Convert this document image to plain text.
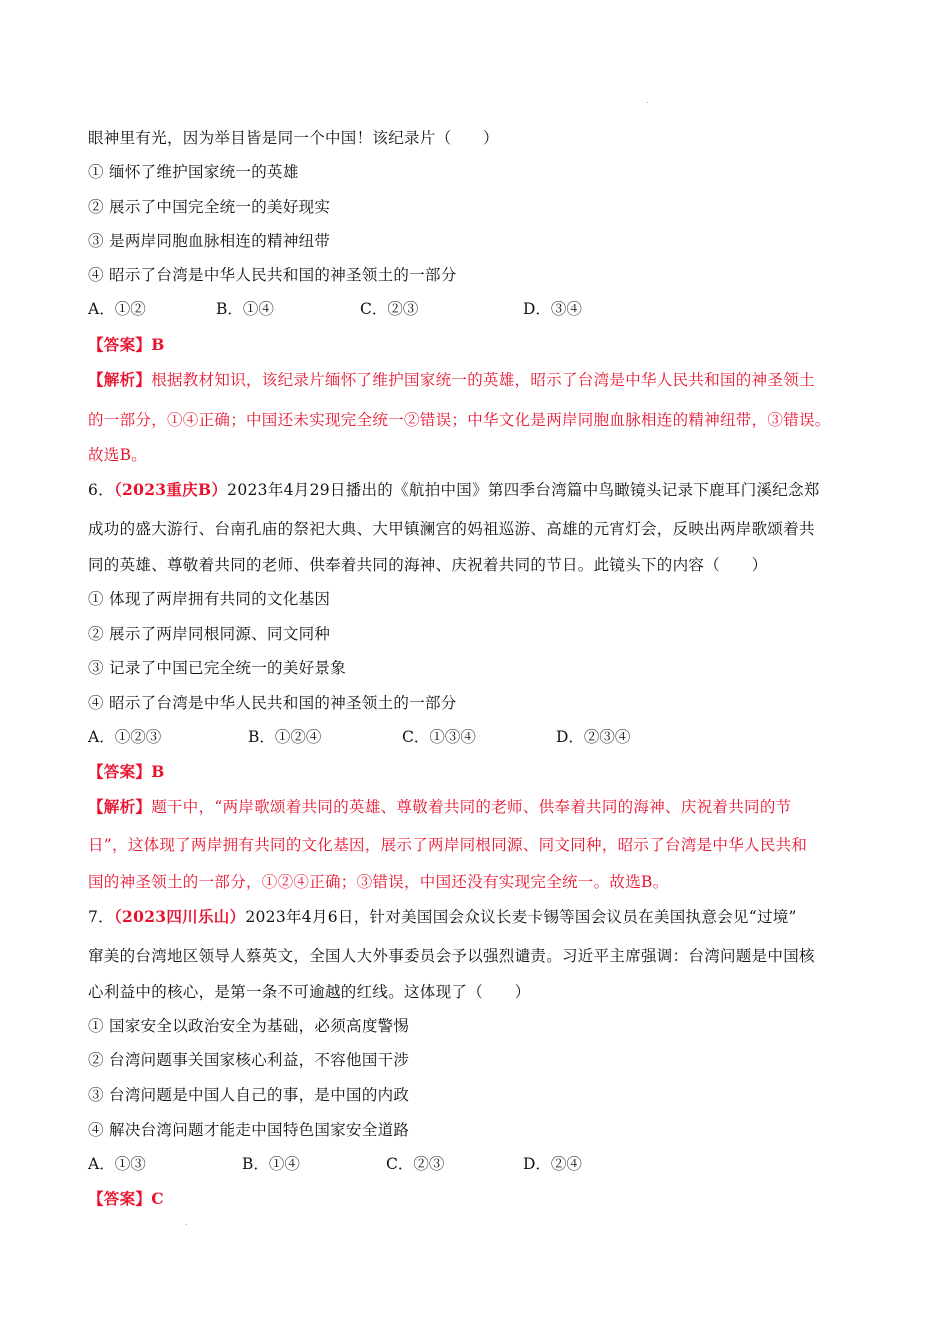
.
眼神里有光，因为举目皆是同一个中国！该纪录片（　　）
① 缅怀了维护国家统一的英雄
② 展示了中国完全统一的美好现实
③ 是两岸同胞血脉相连的精神纽带
④ 昭示了台湾是中华人民共和国的神圣领土的一部分
A．①②	B．①④	C．②③	D．③④
【答案】B
【解析】根据教材知识，该纪录片缅怀了维护国家统一的英雄，昭示了台湾是中华人民共和国的神圣领土
的一部分，①④正确；中国还未实现完全统一②错误；中华文化是两岸同胞血脉相连的精神纽带，③错误。
故选B。
6．（2023重庆B）2023年4月29日播出的《航拍中国》第四季台湾篇中鸟瞰镜头记录下鹿耳门溪纪念郑
成功的盛大游行、台南孔庙的祭祀大典、大甲镇澜宫的妈祖巡游、高雄的元宵灯会，反映出两岸歌颂着共
同的英雄、尊敬着共同的老师、供奉着共同的海神、庆祝着共同的节日。此镜头下的内容（　　）
① 体现了两岸拥有共同的文化基因
② 展示了两岸同根同源、同文同种
③ 记录了中国已完全统一的美好景象
④ 昭示了台湾是中华人民共和国的神圣领土的一部分
A．①②③	B．①②④	C．①③④	D．②③④
【答案】B
【解析】题干中，“两岸歌颂着共同的英雄、尊敬着共同的老师、供奉着共同的海神、庆祝着共同的节
日”，这体现了两岸拥有共同的文化基因，展示了两岸同根同源、同文同种，昭示了台湾是中华人民共和
国的神圣领土的一部分，①②④正确；③错误，中国还没有实现完全统一。故选B。
7．（2023四川乐山）2023年4月6日，针对美国国会众议长麦卡锡等国会议员在美国执意会见“过境”
窜美的台湾地区领导人蔡英文，全国人大外事委员会予以强烈谴责。习近平主席强调：台湾问题是中国核
心利益中的核心，是第一条不可逾越的红线。这体现了（　　）
① 国家安全以政治安全为基础，必须高度警惕
② 台湾问题事关国家核心利益，不容他国干涉
③ 台湾问题是中国人自己的事，是中国的内政
④ 解决台湾问题才能走中国特色国家安全道路
A．①③	B．①④	C．②③	D．②④
【答案】C
.
